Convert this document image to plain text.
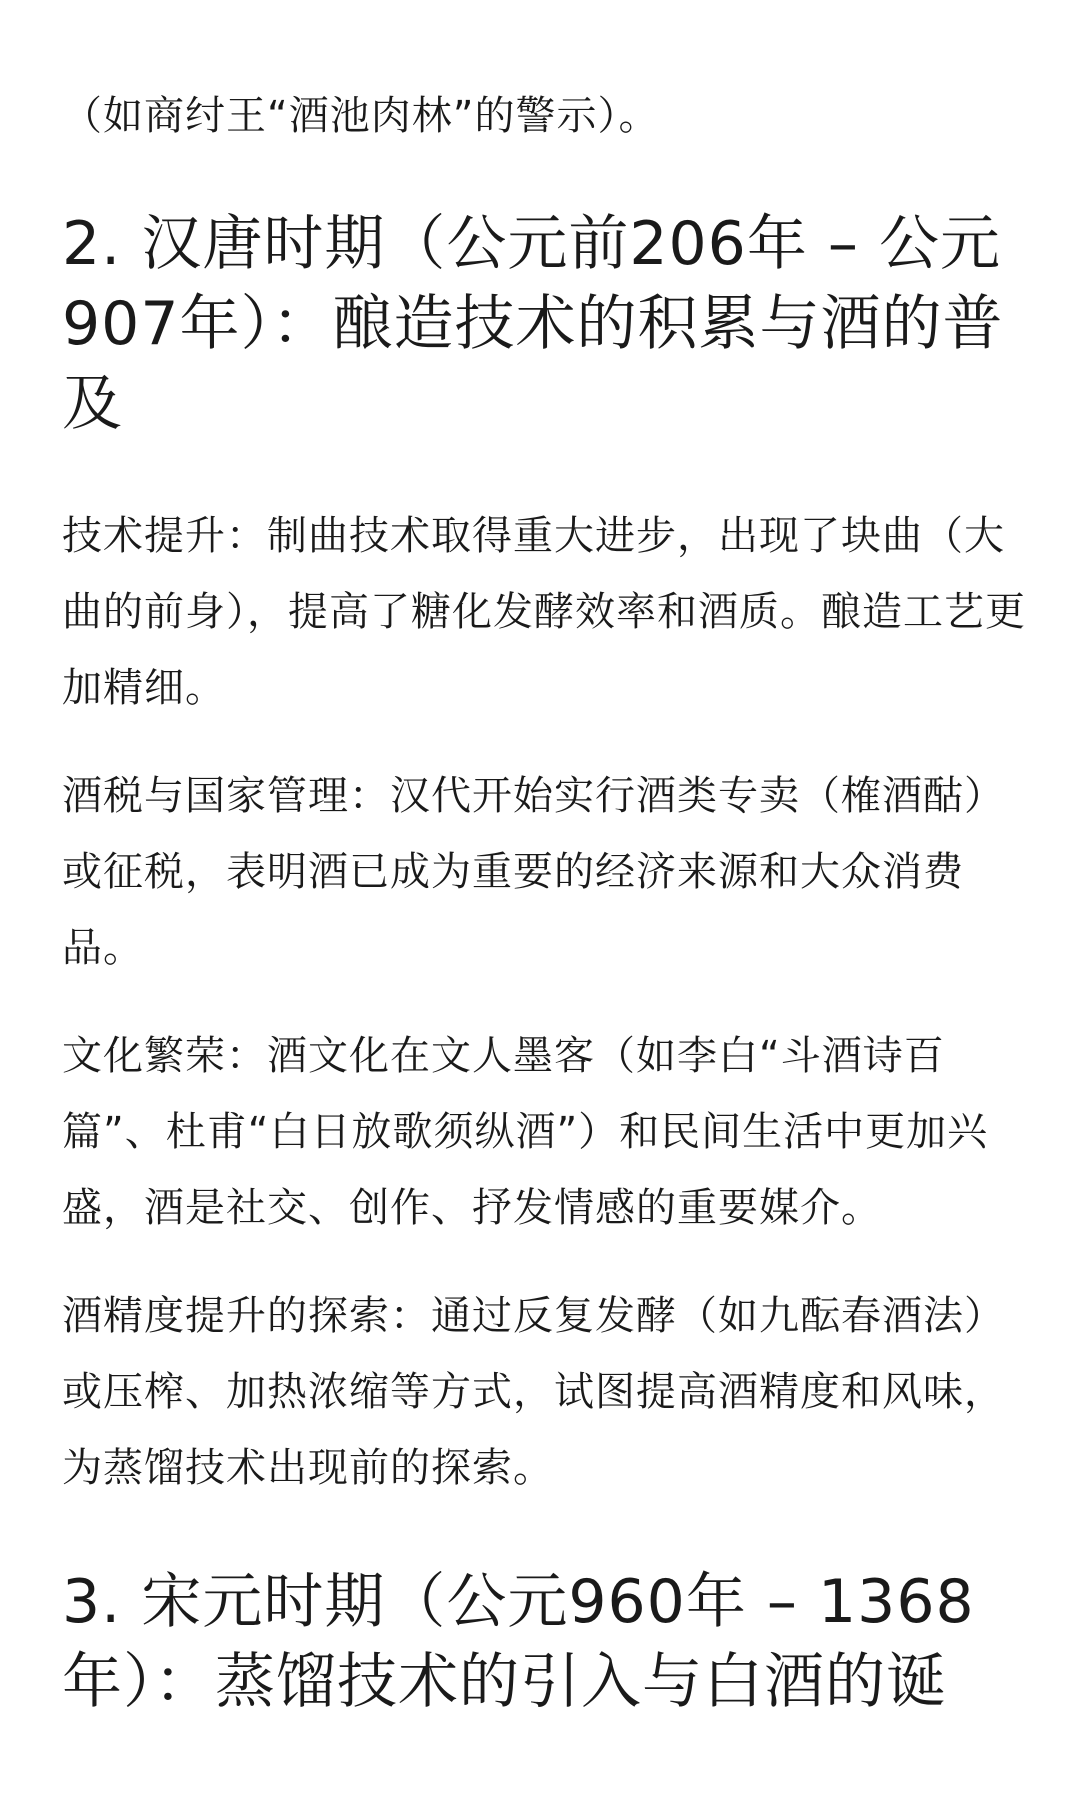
（如商纣王“酒池肉林”的警示）。

2. 汉唐时期（公元前206年 – 公元907年）：酿造技术的积累与酒的普及

技术提升：制曲技术取得重大进步，出现了块曲（大曲的前身），提高了糖化发酵效率和酒质。酿造工艺更加精细。

酒税与国家管理：汉代开始实行酒类专卖（榷酒酤）或征税，表明酒已成为重要的经济来源和大众消费品。

文化繁荣：酒文化在文人墨客（如李白“斗酒诗百篇”、杜甫“白日放歌须纵酒”）和民间生活中更加兴盛，酒是社交、创作、抒发情感的重要媒介。

酒精度提升的探索：通过反复发酵（如九酝春酒法）或压榨、加热浓缩等方式，试图提高酒精度和风味，为蒸馏技术出现前的探索。

3. 宋元时期（公元960年 – 1368年）：蒸馏技术的引入与白酒的诞
